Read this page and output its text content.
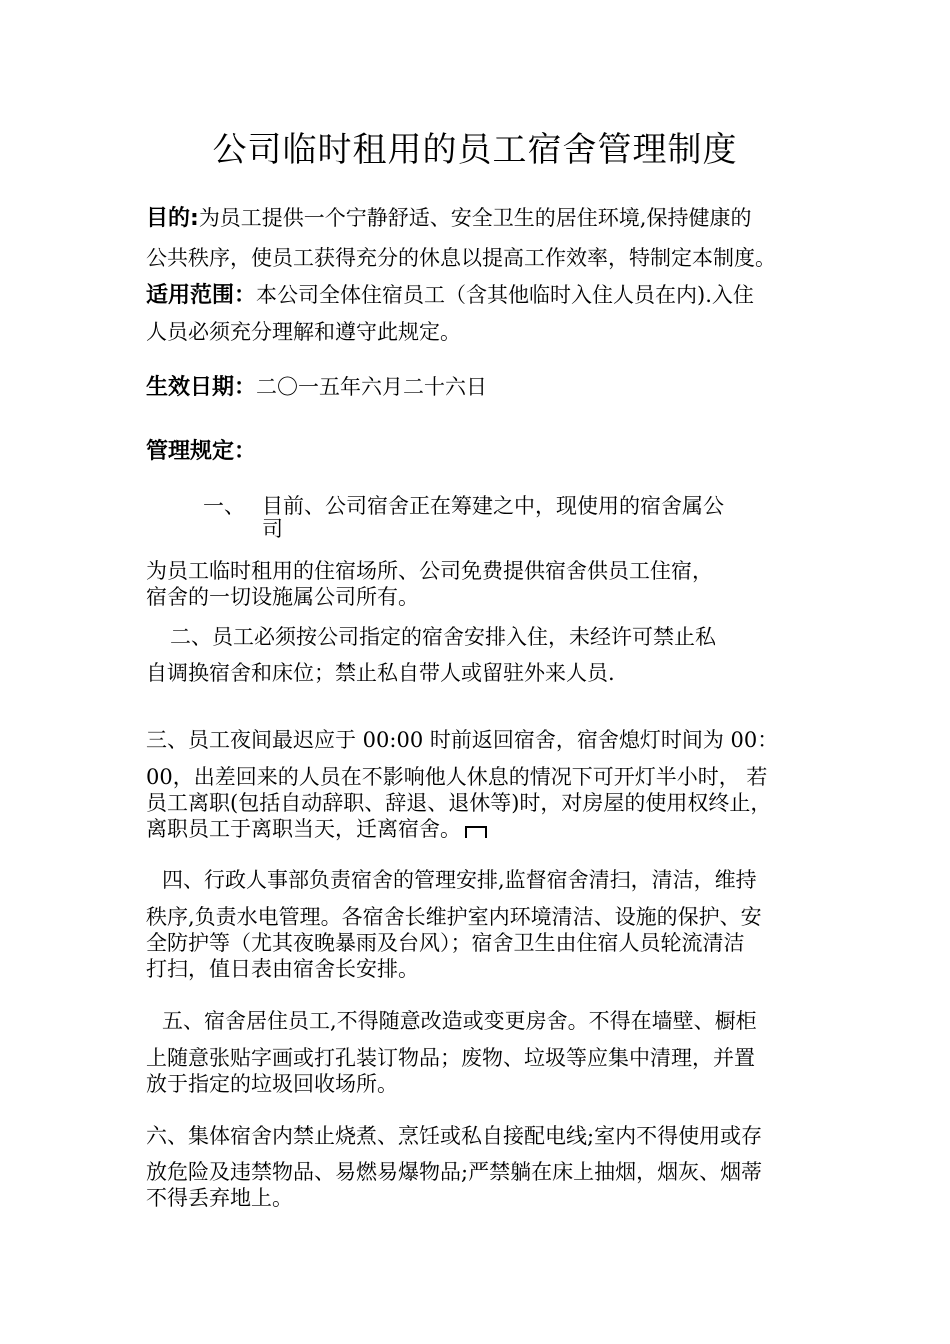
公司临时租用的员工宿舍管理制度
目的:为员工提供一个宁静舒适、安全卫生的居住环境,保持健康的
公共秩序，使员工获得充分的休息以提高工作效率，特制定本制度。
适用范围：本公司全体住宿员工（含其他临时入住人员在内).入住
人员必须充分理解和遵守此规定。
生效日期：二〇一五年六月二十六日
管理规定：
一、 目前、公司宿舍正在筹建之中，现使用的宿舍属公
司
为员工临时租用的住宿场所、公司免费提供宿舍供员工住宿，
宿舍的一切设施属公司所有。
二、员工必须按公司指定的宿舍安排入住，未经许可禁止私
自调换宿舍和床位；禁止私自带人或留驻外来人员.
三、员工夜间最迟应于 00:00 时前返回宿舍，宿舍熄灯时间为 00：
00，出差回来的人员在不影响他人休息的情况下可开灯半小时， 若
员工离职(包括自动辞职、辞退、退休等)时，对房屋的使用权终止，
离职员工于离职当天，迁离宿舍。
四、行政人事部负责宿舍的管理安排,监督宿舍清扫，清洁，维持
秩序,负责水电管理。各宿舍长维护室内环境清洁、设施的保护、安
全防护等（尤其夜晚暴雨及台风）；宿舍卫生由住宿人员轮流清洁
打扫，值日表由宿舍长安排。
五、宿舍居住员工,不得随意改造或变更房舍。不得在墙壁、橱柜
上随意张贴字画或打孔装订物品；废物、垃圾等应集中清理，并置
放于指定的垃圾回收场所。
六、集体宿舍内禁止烧煮、烹饪或私自接配电线;室内不得使用或存
放危险及违禁物品、易燃易爆物品;严禁躺在床上抽烟，烟灰、烟蒂
不得丢弃地上。
